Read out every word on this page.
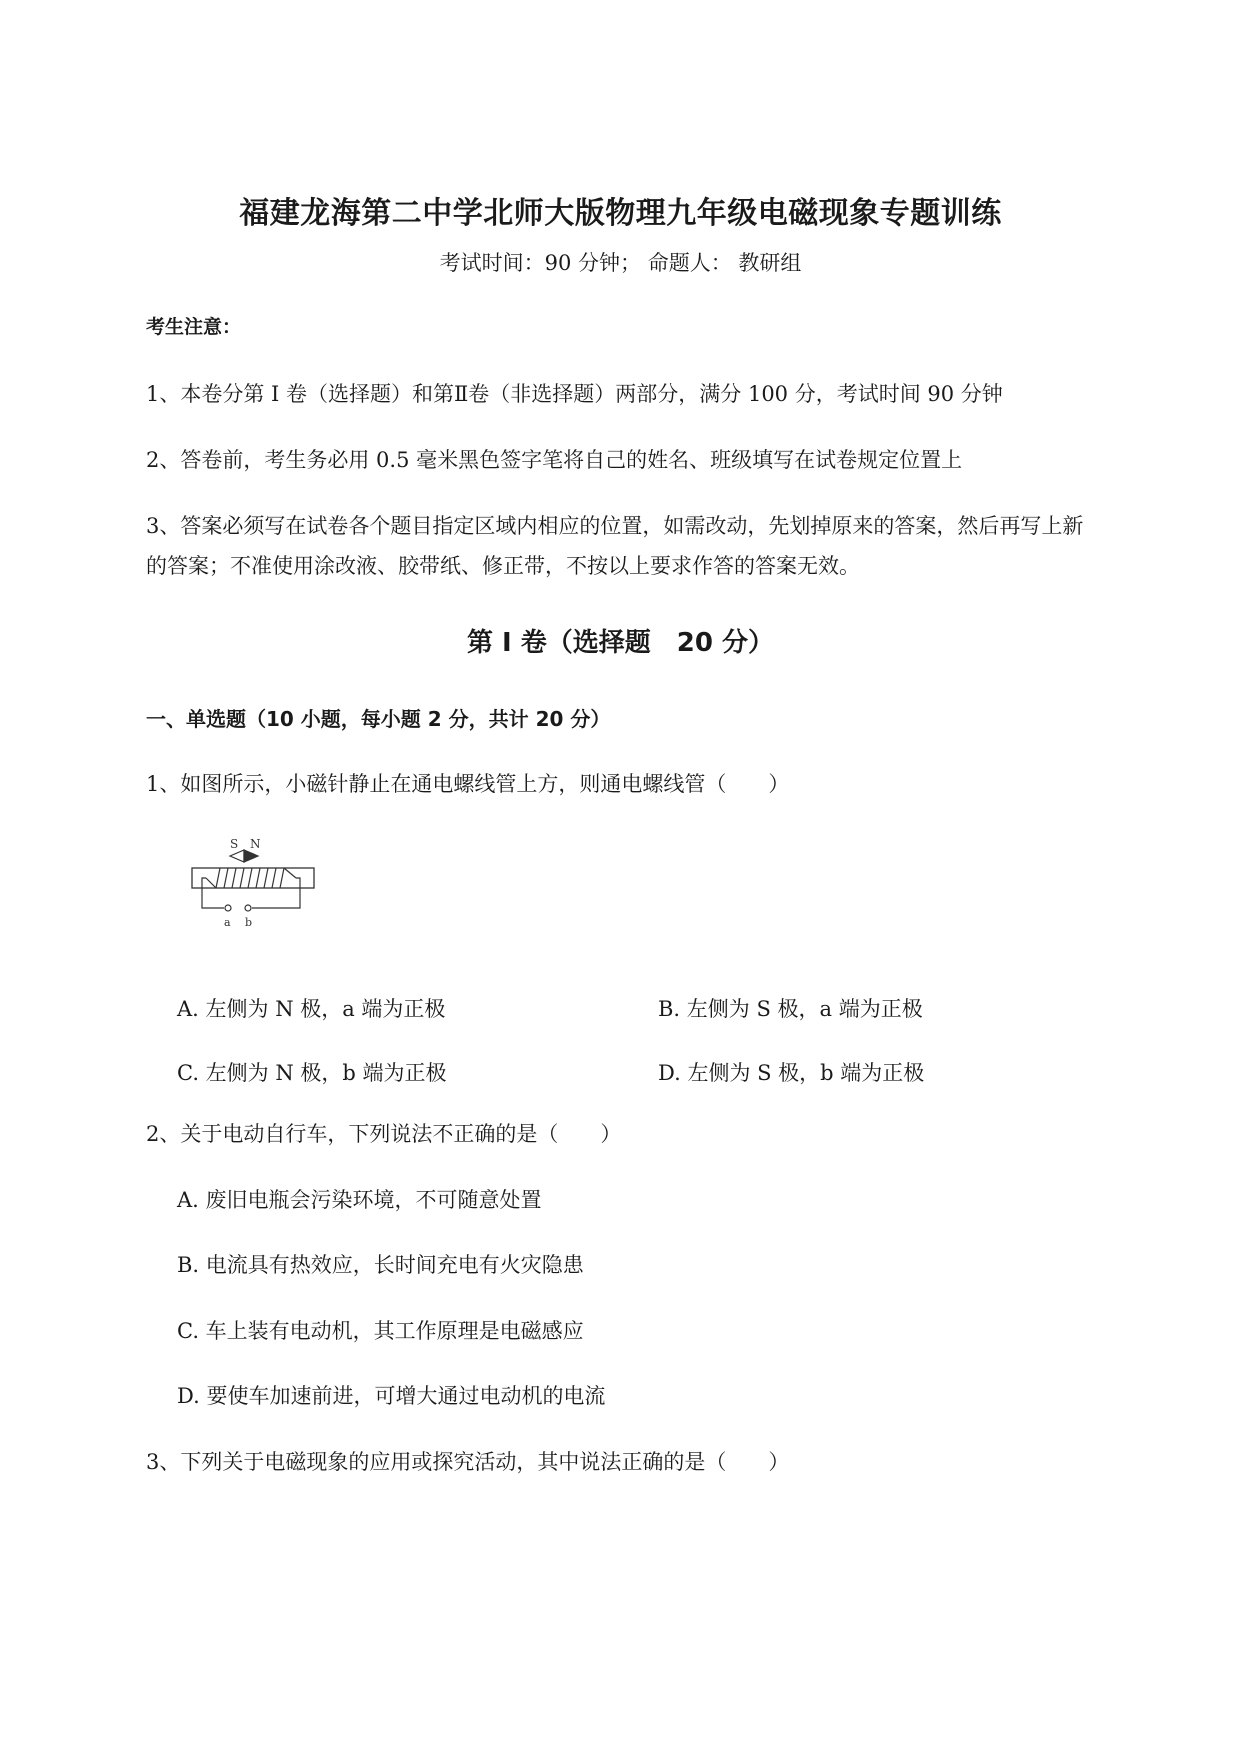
福建龙海第二中学北师大版物理九年级电磁现象专题训练
考试时间：90 分钟； 命题人： 教研组
考生注意：
1、本卷分第 I 卷（选择题）和第Ⅱ卷（非选择题）两部分，满分 100 分，考试时间 90 分钟
2、答卷前，考生务必用 0.5 毫米黑色签字笔将自己的姓名、班级填写在试卷规定位置上
3、答案必须写在试卷各个题目指定区域内相应的位置，如需改动，先划掉原来的答案，然后再写上新
的答案；不准使用涂改液、胶带纸、修正带，不按以上要求作答的答案无效。
第 I 卷（选择题　20 分）
一、单选题（10 小题，每小题 2 分，共计 20 分）
1、如图所示，小磁针静止在通电螺线管上方，则通电螺线管（　　）
S N
a b
A. 左侧为 N 极，a 端为正极	B. 左侧为 S 极，a 端为正极
C. 左侧为 N 极，b 端为正极	D. 左侧为 S 极，b 端为正极
2、关于电动自行车，下列说法不正确的是（　　）
A. 废旧电瓶会污染环境，不可随意处置
B. 电流具有热效应，长时间充电有火灾隐患
C. 车上装有电动机，其工作原理是电磁感应
D. 要使车加速前进，可增大通过电动机的电流
3、下列关于电磁现象的应用或探究活动，其中说法正确的是（　　）
